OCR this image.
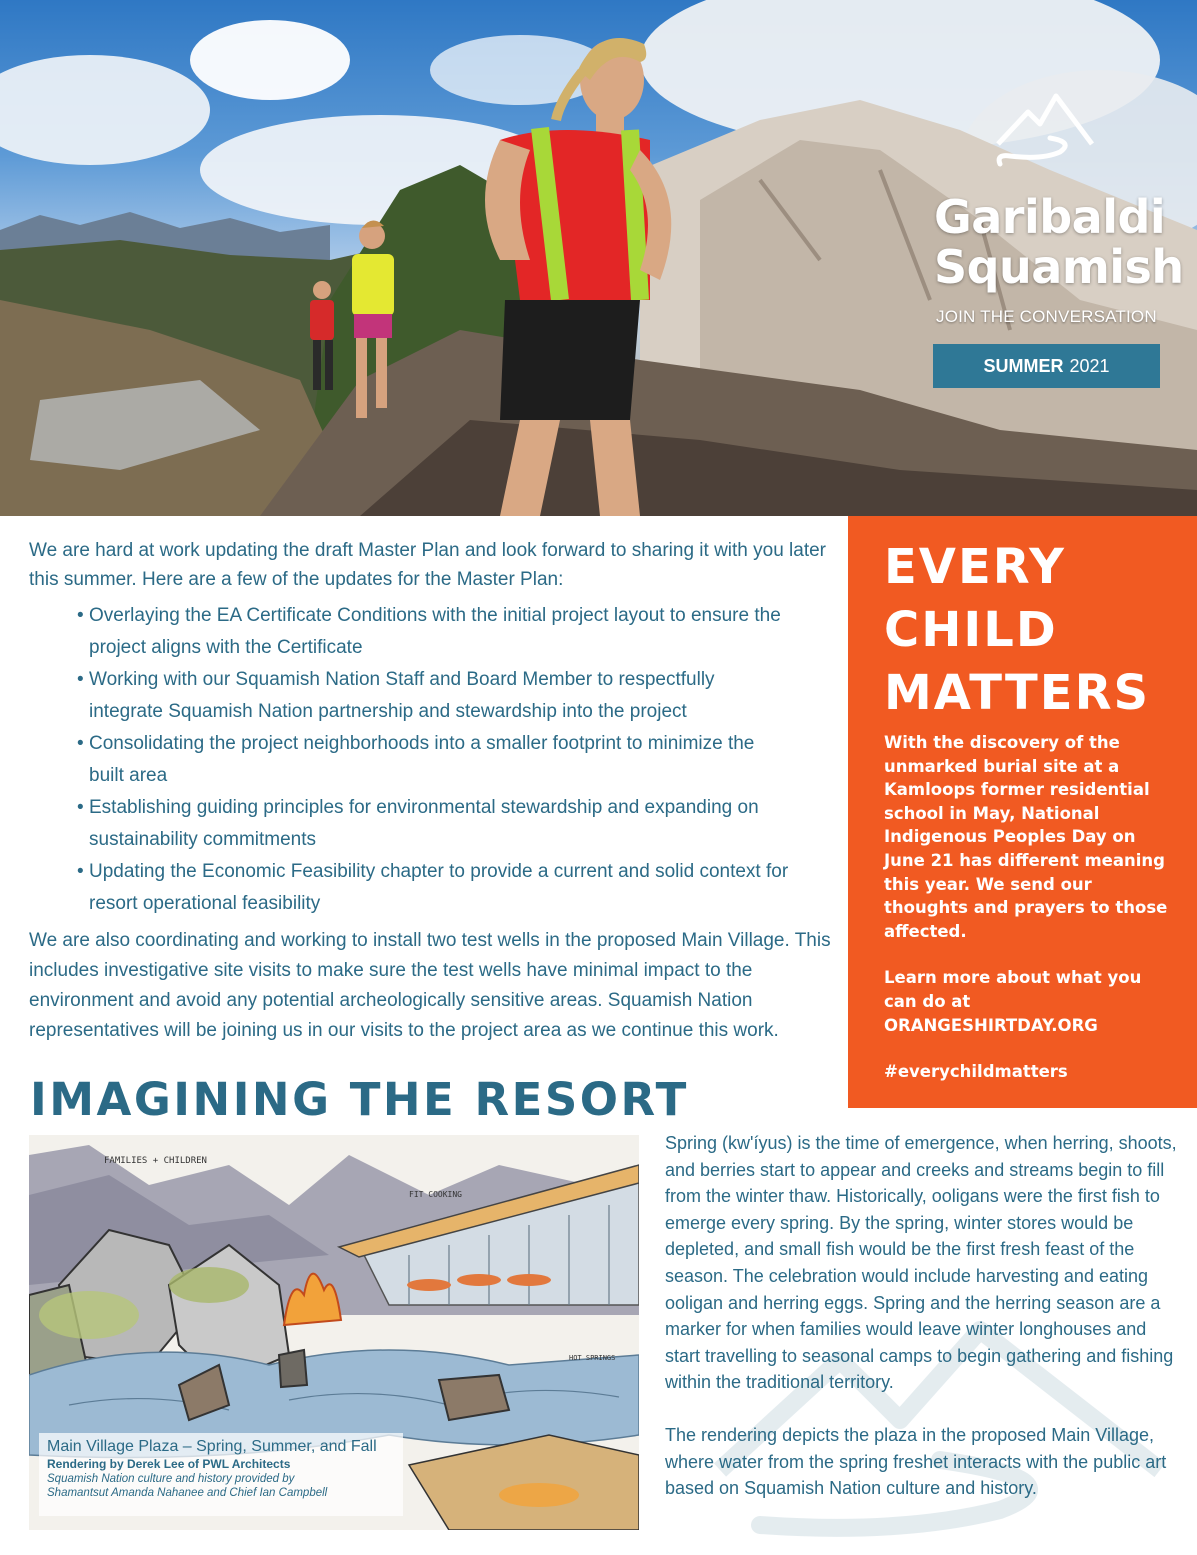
Garibaldi
Squamish
JOIN THE CONVERSATION
SUMMER 2021

We are hard at work updating the draft Master Plan and look forward to sharing it with you later this summer. Here are a few of the updates for the Master Plan:

• Overlaying the EA Certificate Conditions with the initial project layout to ensure the project aligns with the Certificate
• Working with our Squamish Nation Staff and Board Member to respectfully integrate Squamish Nation partnership and stewardship into the project
• Consolidating the project neighborhoods into a smaller footprint to minimize the built area
• Establishing guiding principles for environmental stewardship and expanding on sustainability commitments
• Updating the Economic Feasibility chapter to provide a current and solid context for resort operational feasibility

We are also coordinating and working to install two test wells in the proposed Main Village. This includes investigative site visits to make sure the test wells have minimal impact to the environment and avoid any potential archeologically sensitive areas. Squamish Nation representatives will be joining us in our visits to the project area as we continue this work.

EVERY
CHILD
MATTERS

With the discovery of the unmarked burial site at a Kamloops former residential school in May, National Indigenous Peoples Day on June 21 has different meaning this year. We send our thoughts and prayers to those affected.

Learn more about what you can do at ORANGESHIRTDAY.ORG

#everychildmatters

IMAGINING THE RESORT
FAMILIES + CHILDREN
FIT COOKING
HOT SPRINGS
Main Village Plaza – Spring, Summer, and Fall
Rendering by Derek Lee of PWL Architects
Squamish Nation culture and history provided by
Shamantsut Amanda Nahanee and Chief Ian Campbell

Spring (kw'íyus) is the time of emergence, when herring, shoots, and berries start to appear and creeks and streams begin to fill from the winter thaw. Historically, ooligans were the first fish to emerge every spring. By the spring, winter stores would be depleted, and small fish would be the first fresh feast of the season. The celebration would include harvesting and eating ooligan and herring eggs. Spring and the herring season are a marker for when families would leave winter longhouses and start travelling to seasonal camps to begin gathering and fishing within the traditional territory.

The rendering depicts the plaza in the proposed Main Village, where water from the spring freshet interacts with the public art based on Squamish Nation culture and history.
